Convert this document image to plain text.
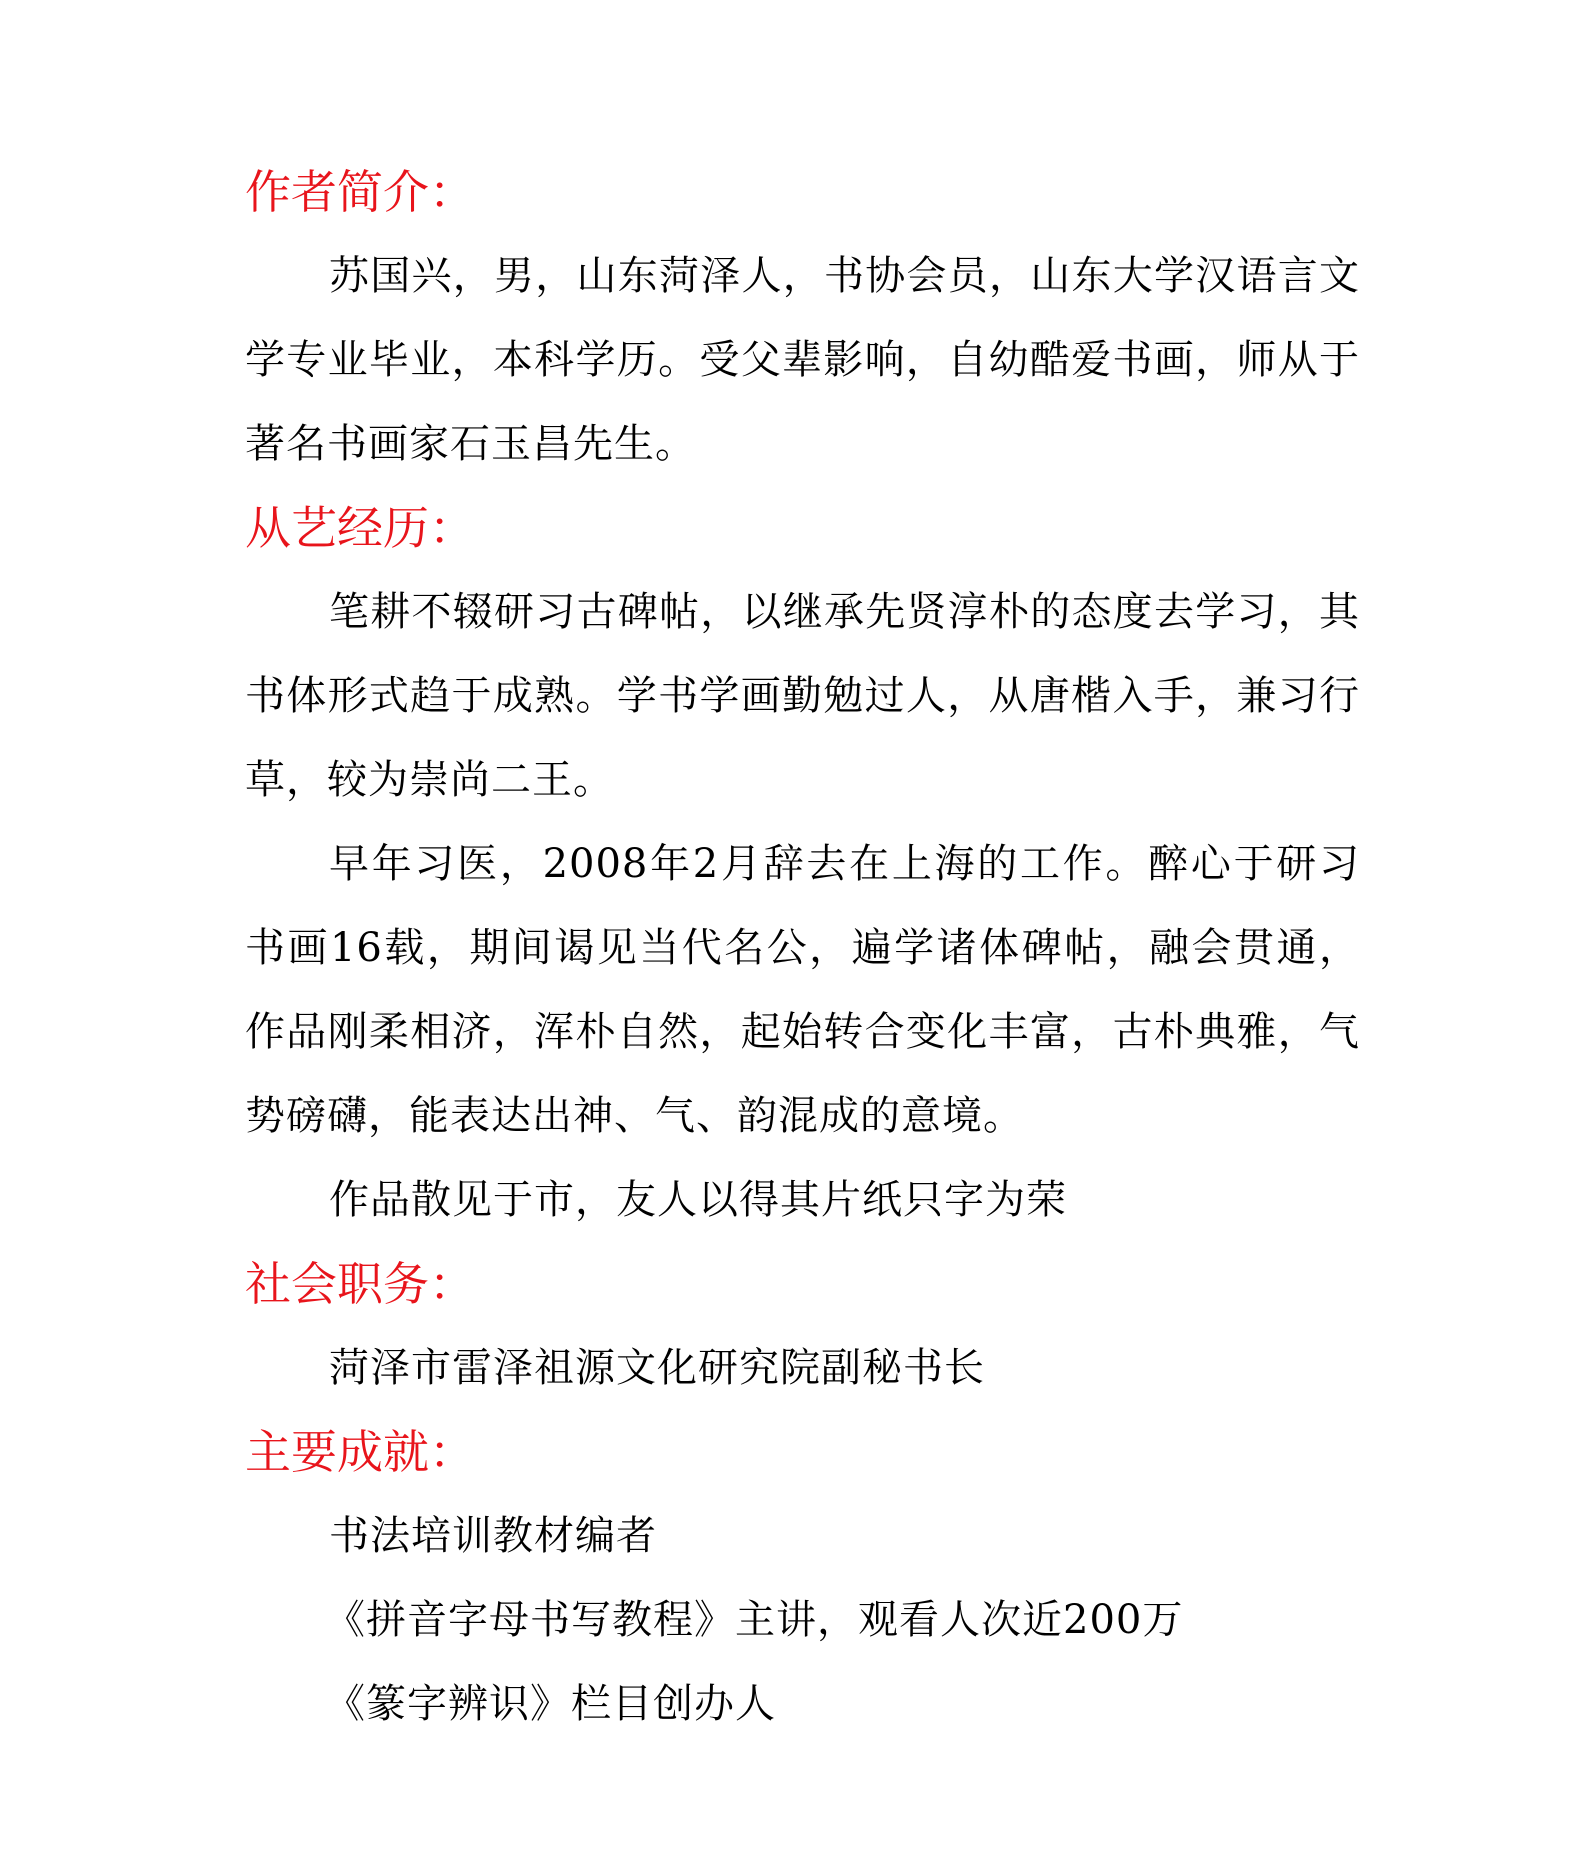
作者简介：

苏国兴，男，山东菏泽人，书协会员，山东大学汉语言文学专业毕业，本科学历。受父辈影响，自幼酷爱书画，师从于著名书画家石玉昌先生。

从艺经历：

笔耕不辍研习古碑帖，以继承先贤淳朴的态度去学习，其书体形式趋于成熟。学书学画勤勉过人，从唐楷入手，兼习行草，较为崇尚二王。

早年习医，2008年2月辞去在上海的工作。醉心于研习书画16载，期间谒见当代名公，遍学诸体碑帖，融会贯通，作品刚柔相济，浑朴自然，起始转合变化丰富，古朴典雅，气势磅礴，能表达出神、气、韵混成的意境。

作品散见于市，友人以得其片纸只字为荣

社会职务：

菏泽市雷泽祖源文化研究院副秘书长

主要成就：

书法培训教材编者

《拼音字母书写教程》主讲，观看人次近200万

《篆字辨识》栏目创办人
